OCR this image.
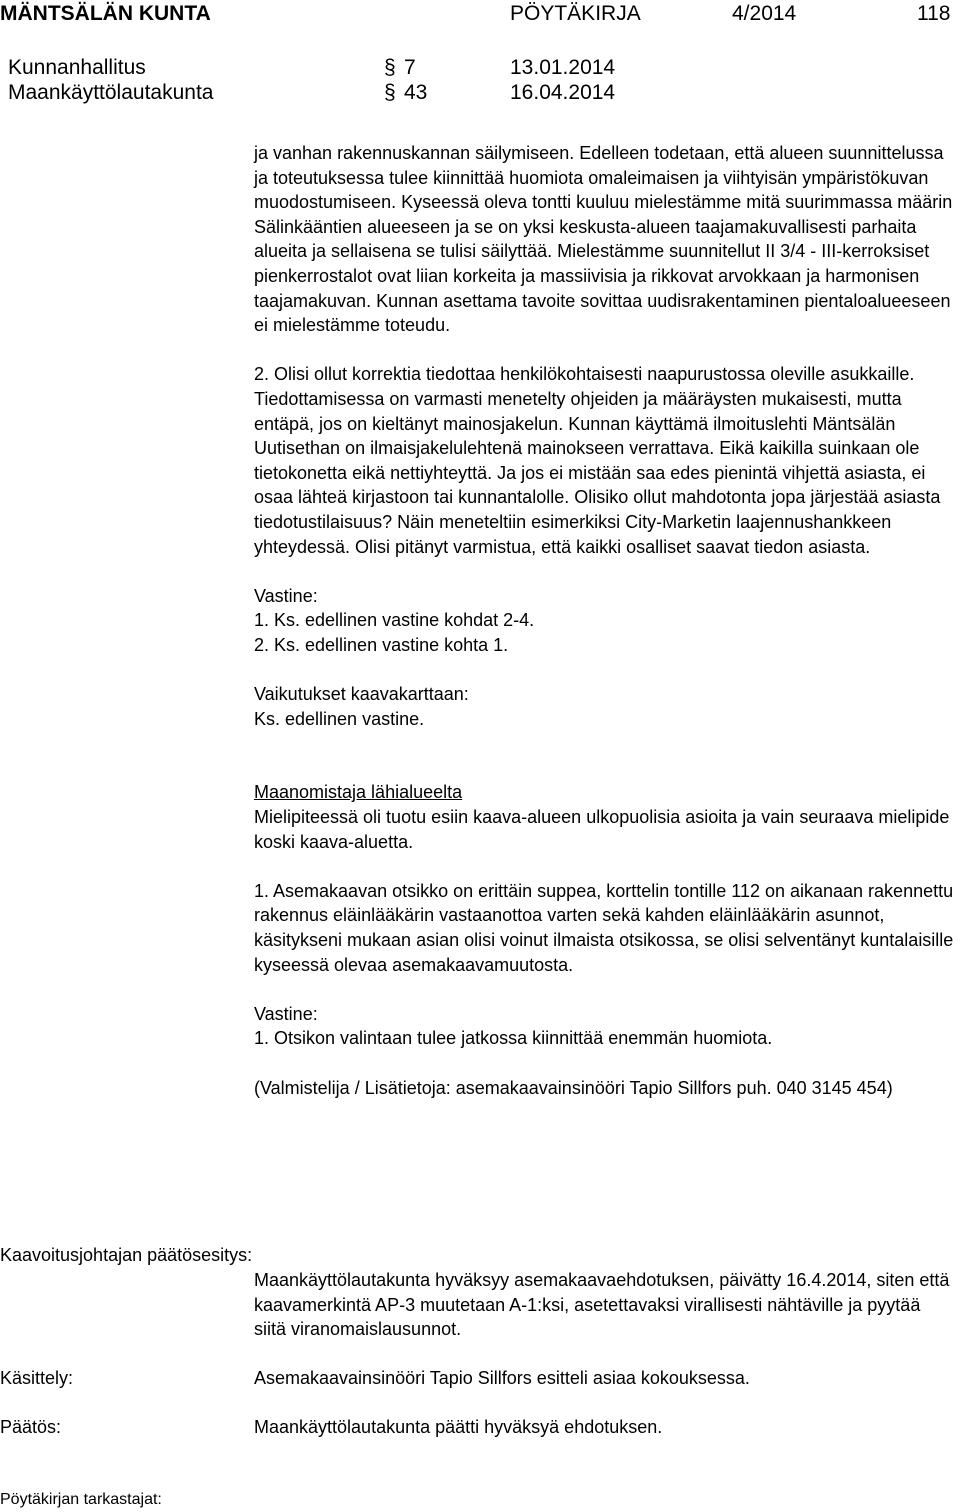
MÄNTSÄLÄN KUNTA	PÖYTÄKIRJA	4/2014	118
Kunnanhallitus	§ 7	13.01.2014
Maankäyttölautakunta	§ 43	16.04.2014

ja vanhan rakennuskannan säilymiseen. Edelleen todetaan, että alueen suunnittelussa ja toteutuksessa tulee kiinnittää huomiota omaleimaisen ja viihtyisän ympäristökuvan muodostumiseen. Kyseessä oleva tontti kuuluu mielestämme mitä suurimmassa määrin Sälinkääntien alueeseen ja se on yksi keskusta-alueen taajamakuvallisesti parhaita alueita ja sellaisena se tulisi säilyttää. Mielestämme suunnitellut II 3/4 - III-kerroksiset pienkerrostalot ovat liian korkeita ja massiivisia ja rikkovat arvokkaan ja harmonisen taajamakuvan. Kunnan asettama tavoite sovittaa uudisrakentaminen pientaloalueeseen ei mielestämme toteudu.

2. Olisi ollut korrektia tiedottaa henkilökohtaisesti naapurustossa oleville asukkaille. Tiedottamisessa on varmasti menetelty ohjeiden ja määräysten mukaisesti, mutta entäpä, jos on kieltänyt mainosjakelun. Kunnan käyttämä ilmoituslehti Mäntsälän Uutisethan on ilmaisjakelulehtenä mainokseen verrattava. Eikä kaikilla suinkaan ole tietokonetta eikä nettiyhteyttä. Ja jos ei mistään saa edes pienintä vihjettä asiasta, ei osaa lähteä kirjastoon tai kunnantalolle. Olisiko ollut mahdotonta jopa järjestää asiasta tiedotustilaisuus? Näin meneteltiin esimerkiksi City-Marketin laajennushankkeen yhteydessä. Olisi pitänyt varmistua, että kaikki osalliset saavat tiedon asiasta.

Vastine:

1. Ks. edellinen vastine kohdat 2-4.

2. Ks. edellinen vastine kohta 1.

Vaikutukset kaavakarttaan:

Ks. edellinen vastine.

Maanomistaja lähialueelta

Mielipiteessä oli tuotu esiin kaava-alueen ulkopuolisia asioita ja vain seuraava mielipide koski kaava-aluetta.

1. Asemakaavan otsikko on erittäin suppea, korttelin tontille 112 on aikanaan rakennettu rakennus eläinlääkärin vastaanottoa varten sekä kahden eläinlääkärin asunnot, käsitykseni mukaan asian olisi voinut ilmaista otsikossa, se olisi selventänyt kuntalaisille kyseessä olevaa asemakaavamuutosta.

Vastine:

1. Otsikon valintaan tulee jatkossa kiinnittää enemmän huomiota.

(Valmistelija / Lisätietoja: asemakaavainsinööri Tapio Sillfors puh. 040 3145 454)

Kaavoitusjohtajan päätösesitys:
Maankäyttölautakunta hyväksyy asemakaavaehdotuksen, päivätty 16.4.2014, siten että kaavamerkintä AP-3 muutetaan A-1:ksi, asetettavaksi virallisesti nähtäville ja pyytää siitä viranomaislausunnot.
Käsittely:	Asemakaavainsinööri Tapio Sillfors esitteli asiaa kokouksessa.
Päätös:	Maankäyttölautakunta päätti hyväksyä ehdotuksen.
Pöytäkirjan tarkastajat:
